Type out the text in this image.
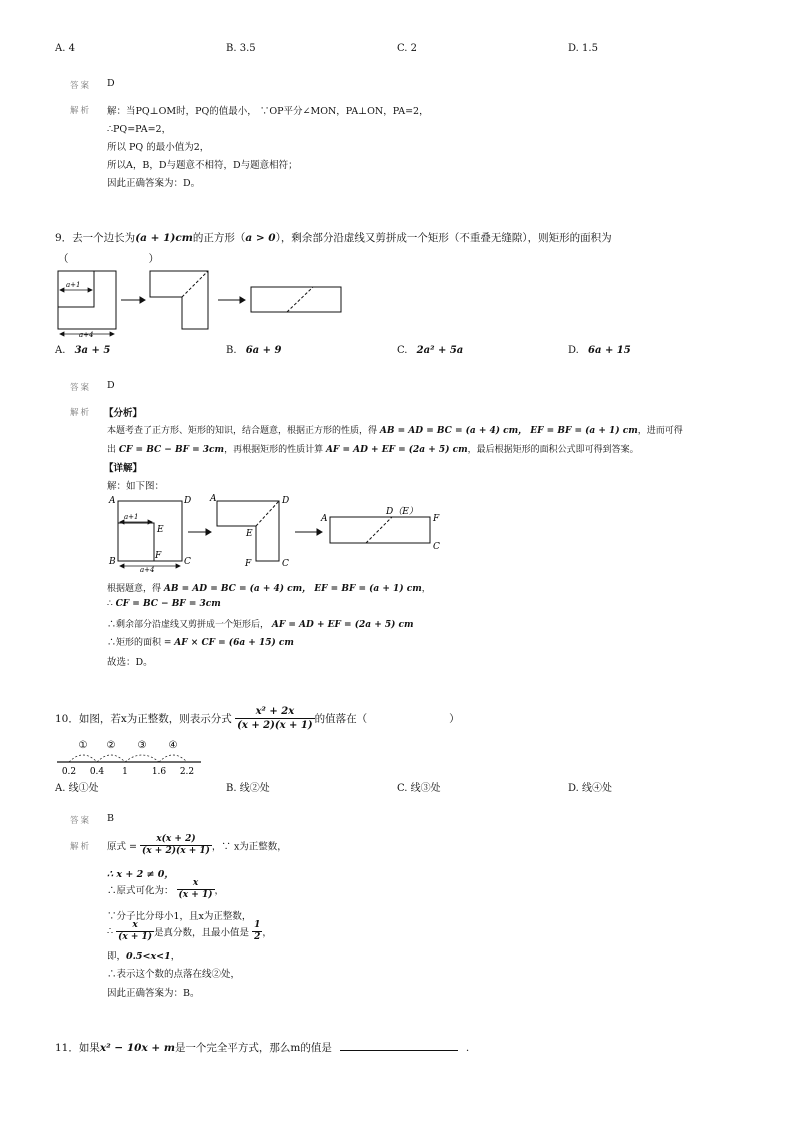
A. 4	B. 3.5	C. 2	D. 1.5
答案 D
解析 解：当PQ⊥OM时，PQ的值最小， ∵OP平分∠MON，PA⊥ON，PA=2，
∴PQ=PA=2，
所以 PQ 的最小值为2，
所以A，B，D与题意不相符，D与题意相符；
因此正确答案为：D。
9．去一个边长为(a + 1)cm的正方形（a > 0），剩余部分沿虚线又剪拼成一个矩形（不重叠无缝隙），则矩形的面积为
（	）
a+1
a+4
A. 3a + 5	B. 6a + 9	C. 2a² + 5a	D. 6a + 15
答案 D
解析 【分析】
本题考查了正方形、矩形的知识，结合题意，根据正方形的性质，得 AB = AD = BC = (a + 4) cm， EF = BF = (a + 1) cm，进而可得
出 CF = BC − BF = 3cm，再根据矩形的性质计算 AF = AD + EF = (2a + 5) cm，最后根据矩形的面积公式即可得到答案。
【详解】
解：如下图：
A	D
E
B
F
C
a+1
a+4
A	D
E
F	C
A
D（E）
F
C
根据题意，得 AB = AD = BC = (a + 4) cm， EF = BF = (a + 1) cm，
∴ CF = BC − BF = 3cm
∴剩余部分沿虚线又剪拼成一个矩形后， AF = AD + EF = (2a + 5) cm
∴矩形的面积 = AF × CF = (6a + 15) cm
故选：D。
10．如图，若x为正整数，则表示分式 $\frac{\text{x² + 2x}}{(x + 2)(x + 1)}$ 的值落在（	）
① ② ③ ④
0.2 0.4 1	1.6 2.2
A. 线①处	B. 线②处	C. 线③处	D. 线④处
答案 B
解析 原式 = $\frac{x(x + 2)}{(x + 2)(x + 1)}$ ，∵ x为正整数，
∴ x + 2 ≠ 0，
∴原式可化为： $\frac{x}{(x + 1)}$ ，
∵分子比分母小1，且x为正整数，
∴ $\frac{x}{(x + 1)}$ 是真分数，且最小值是 $\frac{1}{2}$ ，
即，0.5<x<1，
∴表示这个数的点落在线②处，
因此正确答案为：B。
11．如果x² − 10x + m是一个完全平方式，那么m的值是	.
